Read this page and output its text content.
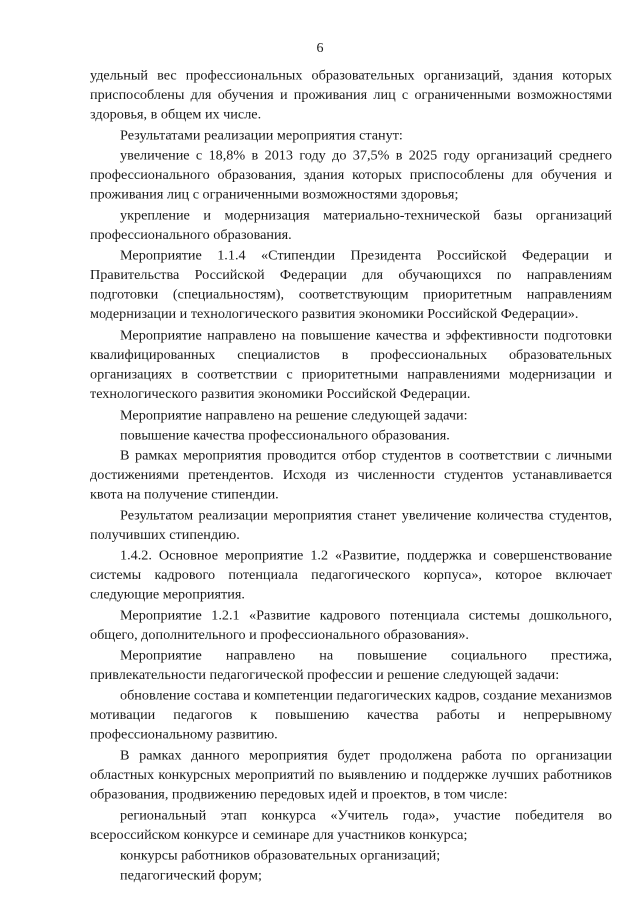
6

удельный вес профессиональных образовательных организаций, здания которых приспособлены для обучения и проживания лиц с ограниченными возможностями здоровья, в общем их числе.

Результатами реализации мероприятия станут:

увеличение с 18,8% в 2013 году до 37,5% в 2025 году организаций среднего профессионального образования, здания которых приспособлены для обучения и проживания лиц с ограниченными возможностями здоровья;

укрепление и модернизация материально-технической базы организаций профессионального образования.

Мероприятие 1.1.4 «Стипендии Президента Российской Федерации и Правительства Российской Федерации для обучающихся по направлениям подготовки (специальностям), соответствующим приоритетным направлениям модернизации и технологического развития экономики Российской Федерации».

Мероприятие направлено на повышение качества и эффективности подготовки квалифицированных специалистов в профессиональных образовательных организациях в соответствии с приоритетными направлениями модернизации и технологического развития экономики Российской Федерации.

Мероприятие направлено на решение следующей задачи:

повышение качества профессионального образования.

В рамках мероприятия проводится отбор студентов в соответствии с личными достижениями претендентов. Исходя из численности студентов устанавливается квота на получение стипендии.

Результатом реализации мероприятия станет увеличение количества студентов, получивших стипендию.

1.4.2. Основное мероприятие 1.2 «Развитие, поддержка и совершенствование системы кадрового потенциала педагогического корпуса», которое включает следующие мероприятия.

Мероприятие 1.2.1 «Развитие кадрового потенциала системы дошкольного, общего, дополнительного и профессионального образования».

Мероприятие направлено на повышение социального престижа, привлекательности педагогической профессии и решение следующей задачи:

обновление состава и компетенции педагогических кадров, создание механизмов мотивации педагогов к повышению качества работы и непрерывному профессиональному развитию.

В рамках данного мероприятия будет продолжена работа по организации областных конкурсных мероприятий по выявлению и поддержке лучших работников образования, продвижению передовых идей и проектов, в том числе:

региональный этап конкурса «Учитель года», участие победителя во всероссийском конкурсе и семинаре для участников конкурса;

конкурсы работников образовательных организаций;

педагогический форум;
